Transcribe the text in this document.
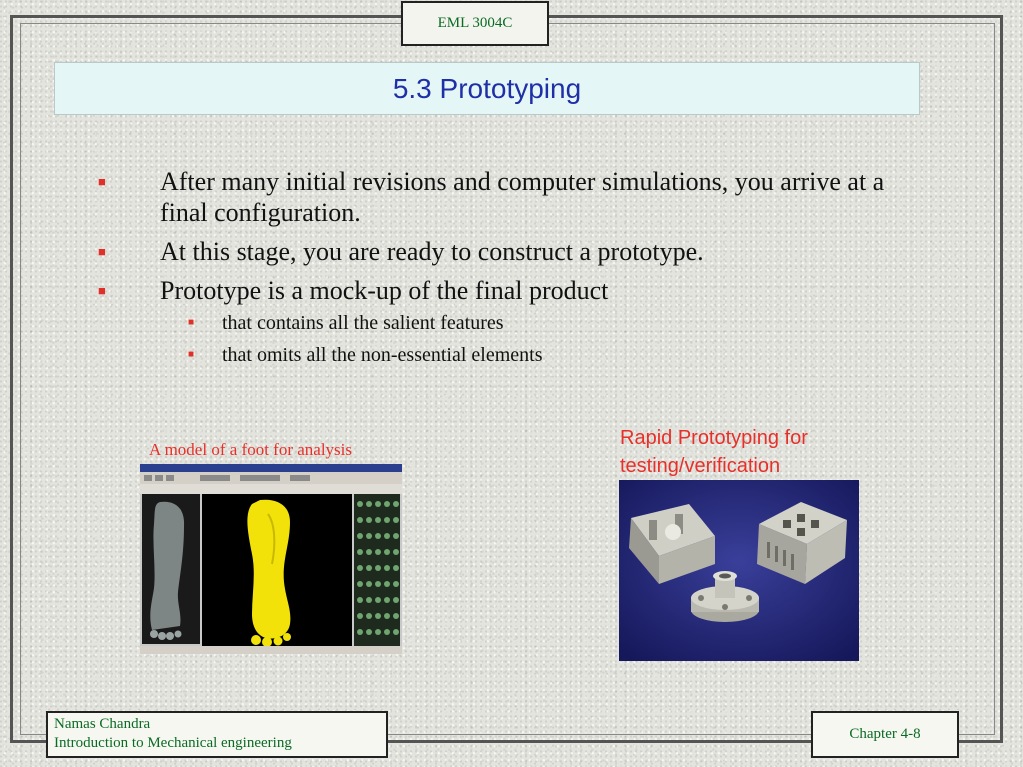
EML 3004C
5.3 Prototyping
■	After many initial revisions and computer simulations, you arrive at a final configuration.
■	At this stage, you are ready to construct a prototype.
■	Prototype is a mock-up of the final product
■	that contains all the salient features
■	that omits all the non-essential elements
A model of a foot for analysis
Rapid Prototyping for testing/verification
Namas Chandra
Introduction to Mechanical engineering
Chapter 4-8
